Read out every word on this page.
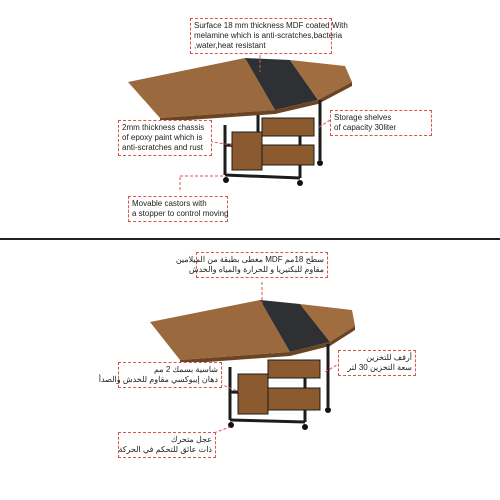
Surface 18 mm thickness MDF coated With
melamine which is anti-scratches,bacteria
,water,heat resistant
Storage shelves
of capacity 30liter
2mm thickness chassis
of epoxy paint which is
anti-scratches and rust
Movable castors with
a stopper to control moving
سطح 18مم MDF مغطى بطبقة من الميلامين
مقاوم للبكتيريا و للحرارة والمياه والخدش
أرفف للتخزين
سعة التخزين 30 لتر
شاسية بسمك 2 مم
دهان إيبوكسي مقاوم للخدش والصدأ
عجل متحرك
ذات عائق للتحكم في الحركة
